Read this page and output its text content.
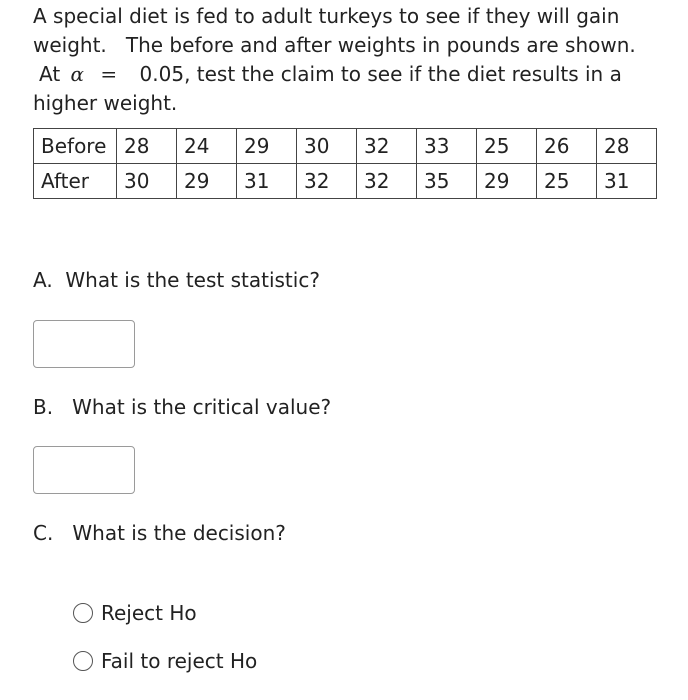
A special diet is fed to adult turkeys to see if they will gain
weight.   The before and after weights in pounds are shown.
At α = 0.05, test the claim to see if the diet results in a
higher weight.
Before	28	24	29	30	32	33	25	26	28
After	30	29	31	32	32	35	29	25	31
A.  What is the test statistic?
B.   What is the critical value?
C.   What is the decision?
Reject Ho
Fail to reject Ho
